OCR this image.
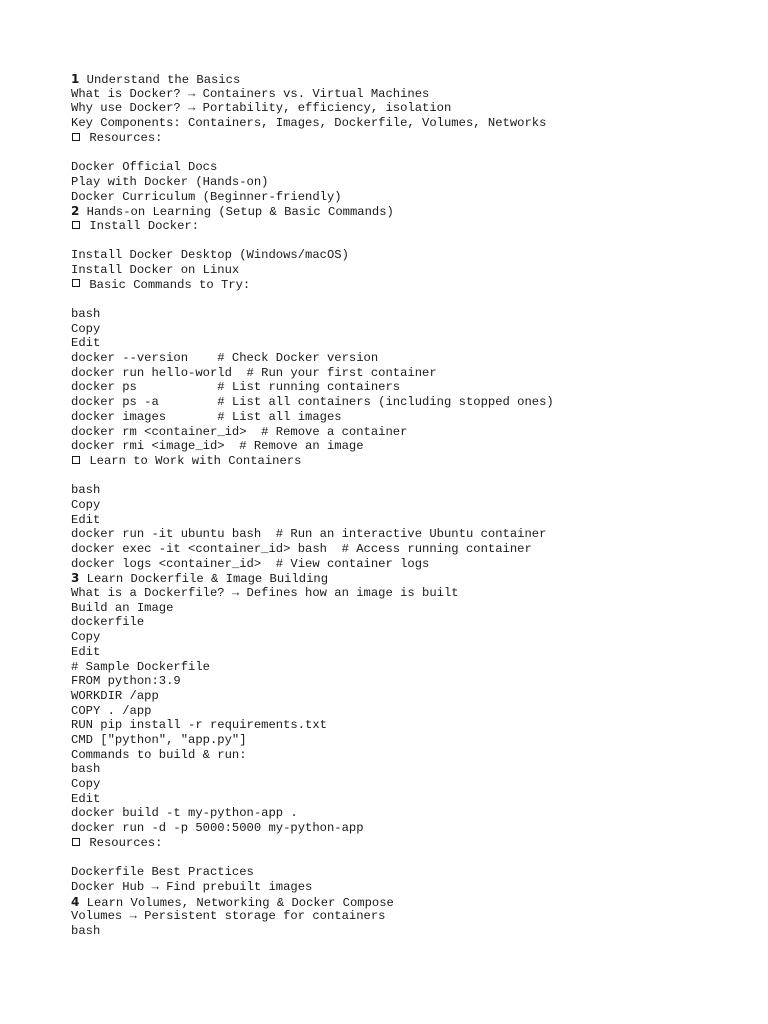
1 Understand the Basics
What is Docker? → Containers vs. Virtual Machines
Why use Docker? → Portability, efficiency, isolation
Key Components: Containers, Images, Dockerfile, Volumes, Networks
Resources:
Docker Official Docs
Play with Docker (Hands-on)
Docker Curriculum (Beginner-friendly)
2 Hands-on Learning (Setup & Basic Commands)
Install Docker:
Install Docker Desktop (Windows/macOS)
Install Docker on Linux
Basic Commands to Try:
bash
Copy
Edit
docker --version    # Check Docker version
docker run hello-world  # Run your first container
docker ps           # List running containers
docker ps -a        # List all containers (including stopped ones)
docker images       # List all images
docker rm <container_id>  # Remove a container
docker rmi <image_id>  # Remove an image
Learn to Work with Containers
bash
Copy
Edit
docker run -it ubuntu bash  # Run an interactive Ubuntu container
docker exec -it <container_id> bash  # Access running container
docker logs <container_id>  # View container logs
3 Learn Dockerfile & Image Building
What is a Dockerfile? → Defines how an image is built
Build an Image
dockerfile
Copy
Edit
# Sample Dockerfile
FROM python:3.9
WORKDIR /app
COPY . /app
RUN pip install -r requirements.txt
CMD ["python", "app.py"]
Commands to build & run:
bash
Copy
Edit
docker build -t my-python-app .
docker run -d -p 5000:5000 my-python-app
Resources:
Dockerfile Best Practices
Docker Hub → Find prebuilt images
4 Learn Volumes, Networking & Docker Compose
Volumes → Persistent storage for containers
bash
